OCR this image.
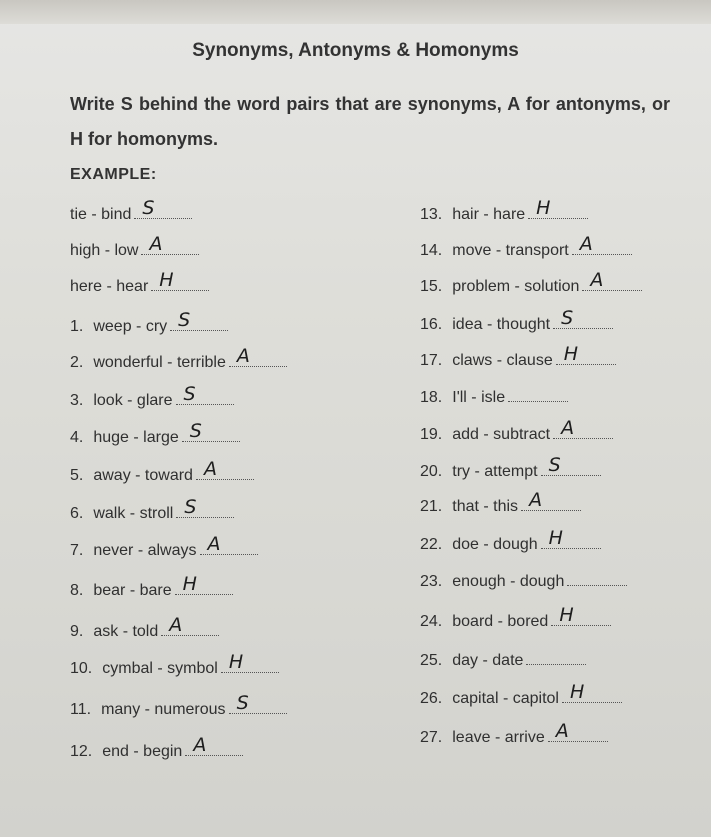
Synonyms, Antonyms & Homonyms
Write S behind the word pairs that are synonyms, A for antonyms, or H for homonyms.
EXAMPLE:
tie - bind S
high - low A
here - hear H
1. weep - cry S
2. wonderful - terrible A
3. look - glare S
4. huge - large S
5. away - toward A
6. walk - stroll S
7. never - always A
8. bear - bare H
9. ask - told A
10. cymbal - symbol H
11. many - numerous S
12. end - begin A
13. hair - hare H
14. move - transport A
15. problem - solution A
16. idea - thought S
17. claws - clause H
18. I'll - isle
19. add - subtract A
20. try - attempt S
21. that - this A
22. doe - dough H
23. enough - dough
24. board - bored H
25. day - date
26. capital - capitol H
27. leave - arrive A
